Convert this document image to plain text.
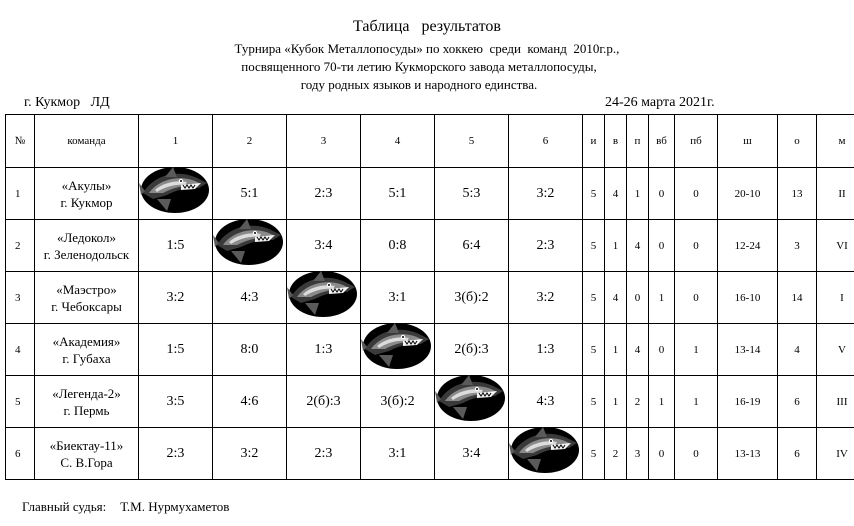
Таблица   результатов
Турнира «Кубок Металлопосуды» по хоккею  среди  команд  2010г.р.,
посвященного 70-ти летию Кукморского завода металлопосуды,
году родных языков и народного единства.
г. Кукмор   ЛД	24-26 марта 2021г.
№	команда	1	2	3	4	5	6	и	в	п	вб	пб	ш	о	м
1	«Акулы»
г. Кукмор		5:1	2:3	5:1	5:3	3:2	5	4	1	0	0	20-10	13	II
2	«Ледокол»
г. Зеленодольск	1:5		3:4	0:8	6:4	2:3	5	1	4	0	0	12-24	3	VI
3	«Маэстро»
г. Чебоксары	3:2	4:3		3:1	3(б):2	3:2	5	4	0	1	0	16-10	14	I
4	«Академия»
г. Губаха	1:5	8:0	1:3		2(б):3	1:3	5	1	4	0	1	13-14	4	V
5	«Легенда-2»
г. Пермь	3:5	4:6	2(б):3	3(б):2		4:3	5	1	2	1	1	16-19	6	III
6	«Биектау-11»
С. В.Гора	2:3	3:2	2:3	3:1	3:4		5	2	3	0	0	13-13	6	IV
Главный судья: Т.М. Нурмухаметов
